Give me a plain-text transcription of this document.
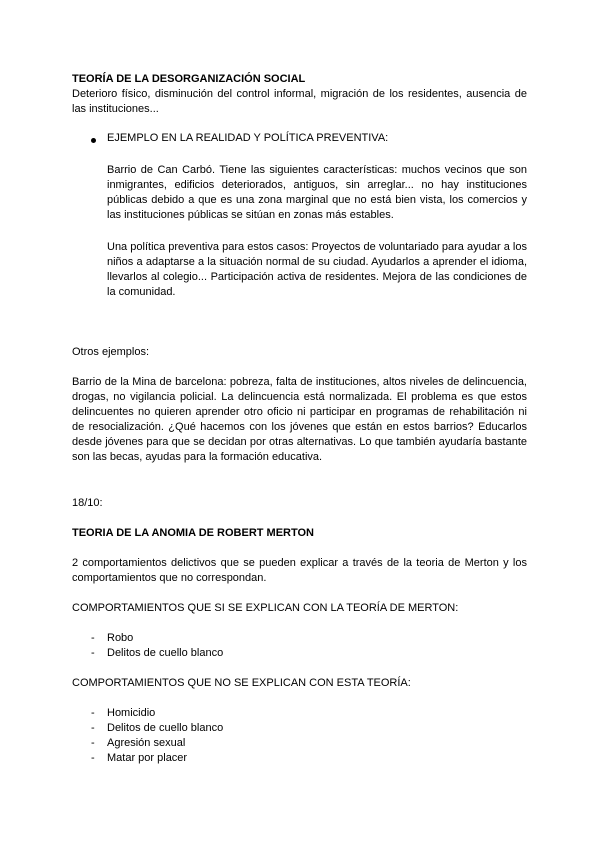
TEORÍA DE LA DESORGANIZACIÓN SOCIAL

Deterioro físico, disminución del control informal, migración de los residentes, ausencia de las instituciones...

EJEMPLO EN LA REALIDAD Y POLÍTICA PREVENTIVA:

Barrio de Can Carbó. Tiene las siguientes características: muchos vecinos que son inmigrantes, edificios deteriorados, antiguos, sin arreglar... no hay instituciones públicas debido a que es una zona marginal que no está bien vista, los comercios y las instituciones públicas se sitúan en zonas más estables.

Una política preventiva para estos casos: Proyectos de voluntariado para ayudar a los niños a adaptarse a la situación normal de su ciudad. Ayudarlos a aprender el idioma, llevarlos al colegio... Participación activa de residentes. Mejora de las condiciones de la comunidad.

Otros ejemplos:

Barrio de la Mina de barcelona: pobreza, falta de instituciones, altos niveles de delincuencia, drogas, no vigilancia policial. La delincuencia está normalizada. El problema es que estos delincuentes no quieren aprender otro oficio ni participar en programas de rehabilitación ni de resocialización. ¿Qué hacemos con los jóvenes que están en estos barrios? Educarlos desde jóvenes para que se decidan por otras alternativas. Lo que también ayudaría bastante son las becas, ayudas para la formación educativa.

18/10:

TEORIA DE LA ANOMIA DE ROBERT MERTON

2 comportamientos delictivos que se pueden explicar a través de la teoria de Merton y los comportamientos que no correspondan.

COMPORTAMIENTOS QUE SI SE EXPLICAN CON LA TEORÍA DE MERTON:

- Robo
- Delitos de cuello blanco

COMPORTAMIENTOS QUE NO SE EXPLICAN CON ESTA TEORÍA:

- Homicidio
- Delitos de cuello blanco
- Agresión sexual
- Matar por placer
